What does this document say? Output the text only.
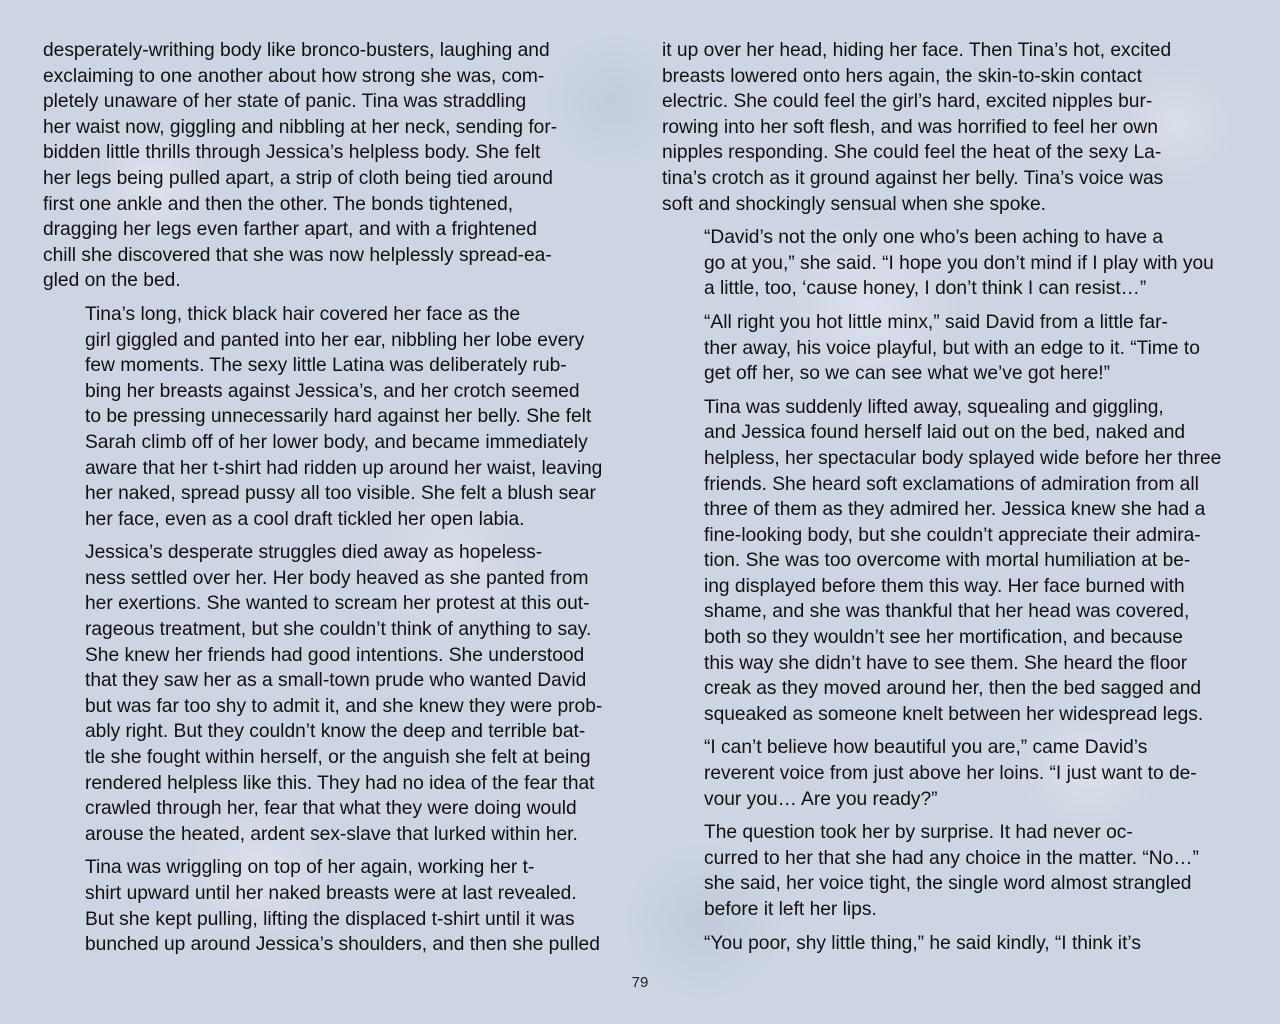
desperately-writhing body like bronco-busters, laughing and
exclaiming to one another about how strong she was, com-
pletely unaware of her state of panic. Tina was straddling
her waist now, giggling and nibbling at her neck, sending for-
bidden little thrills through Jessica’s helpless body. She felt
her legs being pulled apart, a strip of cloth being tied around
first one ankle and then the other. The bonds tightened,
dragging her legs even farther apart, and with a frightened
chill she discovered that she was now helplessly spread-ea-
gled on the bed.

Tina’s long, thick black hair covered her face as the
girl giggled and panted into her ear, nibbling her lobe every
few moments. The sexy little Latina was deliberately rub-
bing her breasts against Jessica’s, and her crotch seemed
to be pressing unnecessarily hard against her belly. She felt
Sarah climb off of her lower body, and became immediately
aware that her t-shirt had ridden up around her waist, leaving
her naked, spread pussy all too visible. She felt a blush sear
her face, even as a cool draft tickled her open labia.

Jessica’s desperate struggles died away as hopeless-
ness settled over her. Her body heaved as she panted from
her exertions. She wanted to scream her protest at this out-
rageous treatment, but she couldn’t think of anything to say.
She knew her friends had good intentions. She understood
that they saw her as a small-town prude who wanted David
but was far too shy to admit it, and she knew they were prob-
ably right. But they couldn’t know the deep and terrible bat-
tle she fought within herself, or the anguish she felt at being
rendered helpless like this. They had no idea of the fear that
crawled through her, fear that what they were doing would
arouse the heated, ardent sex-slave that lurked within her.

Tina was wriggling on top of her again, working her t-
shirt upward until her naked breasts were at last revealed.
But she kept pulling, lifting the displaced t-shirt until it was
bunched up around Jessica’s shoulders, and then she pulled

it up over her head, hiding her face. Then Tina’s hot, excited
breasts lowered onto hers again, the skin-to-skin contact
electric. She could feel the girl’s hard, excited nipples bur-
rowing into her soft flesh, and was horrified to feel her own
nipples responding. She could feel the heat of the sexy La-
tina’s crotch as it ground against her belly. Tina’s voice was
soft and shockingly sensual when she spoke.

“David’s not the only one who’s been aching to have a
go at you,” she said. “I hope you don’t mind if I play with you
a little, too, ‘cause honey, I don’t think I can resist…”

“All right you hot little minx,” said David from a little far-
ther away, his voice playful, but with an edge to it. “Time to
get off her, so we can see what we’ve got here!”

Tina was suddenly lifted away, squealing and giggling,
and Jessica found herself laid out on the bed, naked and
helpless, her spectacular body splayed wide before her three
friends. She heard soft exclamations of admiration from all
three of them as they admired her. Jessica knew she had a
fine-looking body, but she couldn’t appreciate their admira-
tion. She was too overcome with mortal humiliation at be-
ing displayed before them this way. Her face burned with
shame, and she was thankful that her head was covered,
both so they wouldn’t see her mortification, and because
this way she didn’t have to see them. She heard the floor
creak as they moved around her, then the bed sagged and
squeaked as someone knelt between her widespread legs.

“I can’t believe how beautiful you are,” came David’s
reverent voice from just above her loins. “I just want to de-
vour you… Are you ready?”

The question took her by surprise. It had never oc-
curred to her that she had any choice in the matter. “No…”
she said, her voice tight, the single word almost strangled
before it left her lips.

“You poor, shy little thing,” he said kindly, “I think it’s

79
